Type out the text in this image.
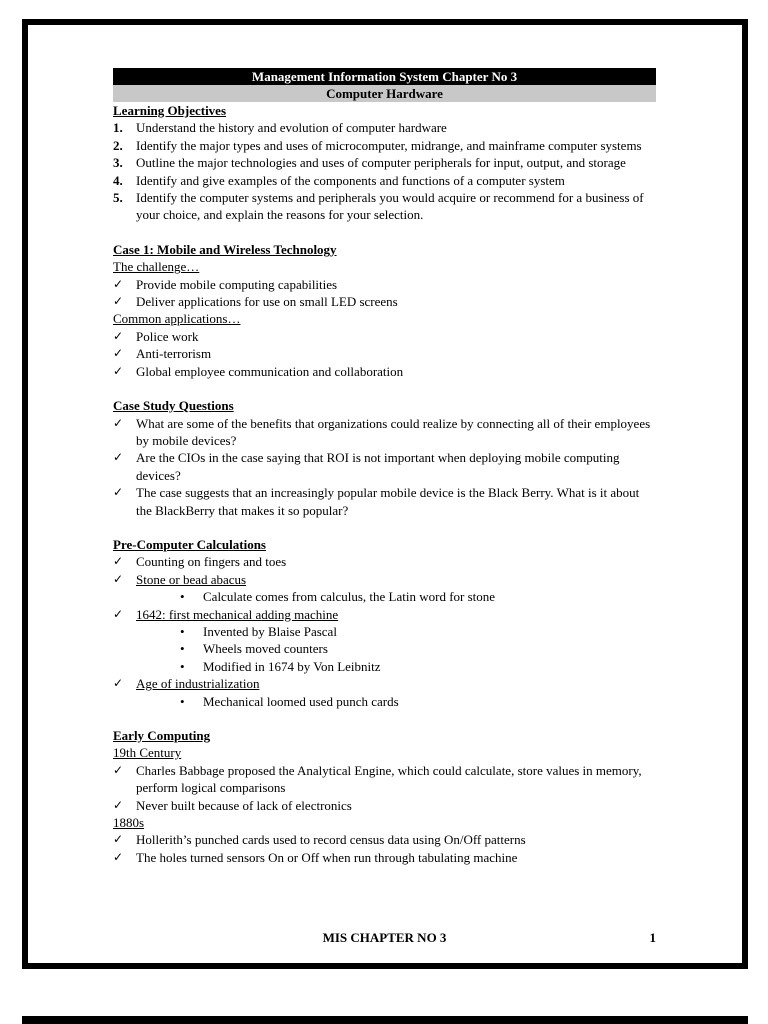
Management Information System Chapter No 3
Computer Hardware
Learning Objectives
1. Understand the history and evolution of computer hardware
2. Identify the major types and uses of microcomputer, midrange, and mainframe computer systems
3. Outline the major technologies and uses of computer peripherals for input, output, and storage
4. Identify and give examples of the components and functions of a computer system
5. Identify the computer systems and peripherals you would acquire or recommend for a business of your choice, and explain the reasons for your selection.
Case 1: Mobile and Wireless Technology
The challenge…
✓ Provide mobile computing capabilities
✓ Deliver applications for use on small LED screens
Common applications…
✓ Police work
✓ Anti-terrorism
✓ Global employee communication and collaboration
Case Study Questions
✓ What are some of the benefits that organizations could realize by connecting all of their employees by mobile devices?
✓ Are the CIOs in the case saying that ROI is not important when deploying mobile computing devices?
✓ The case suggests that an increasingly popular mobile device is the Black Berry. What is it about the BlackBerry that makes it so popular?
Pre-Computer Calculations
✓ Counting on fingers and toes
✓ Stone or bead abacus
• Calculate comes from calculus, the Latin word for stone
✓ 1642: first mechanical adding machine
• Invented by Blaise Pascal
• Wheels moved counters
• Modified in 1674 by Von Leibnitz
✓ Age of industrialization
• Mechanical loomed used punch cards
Early Computing
19th Century
✓ Charles Babbage proposed the Analytical Engine, which could calculate, store values in memory, perform logical comparisons
✓ Never built because of lack of electronics
1880s
✓ Hollerith’s punched cards used to record census data using On/Off patterns
✓ The holes turned sensors On or Off when run through tabulating machine
MIS CHAPTER NO 3	1
